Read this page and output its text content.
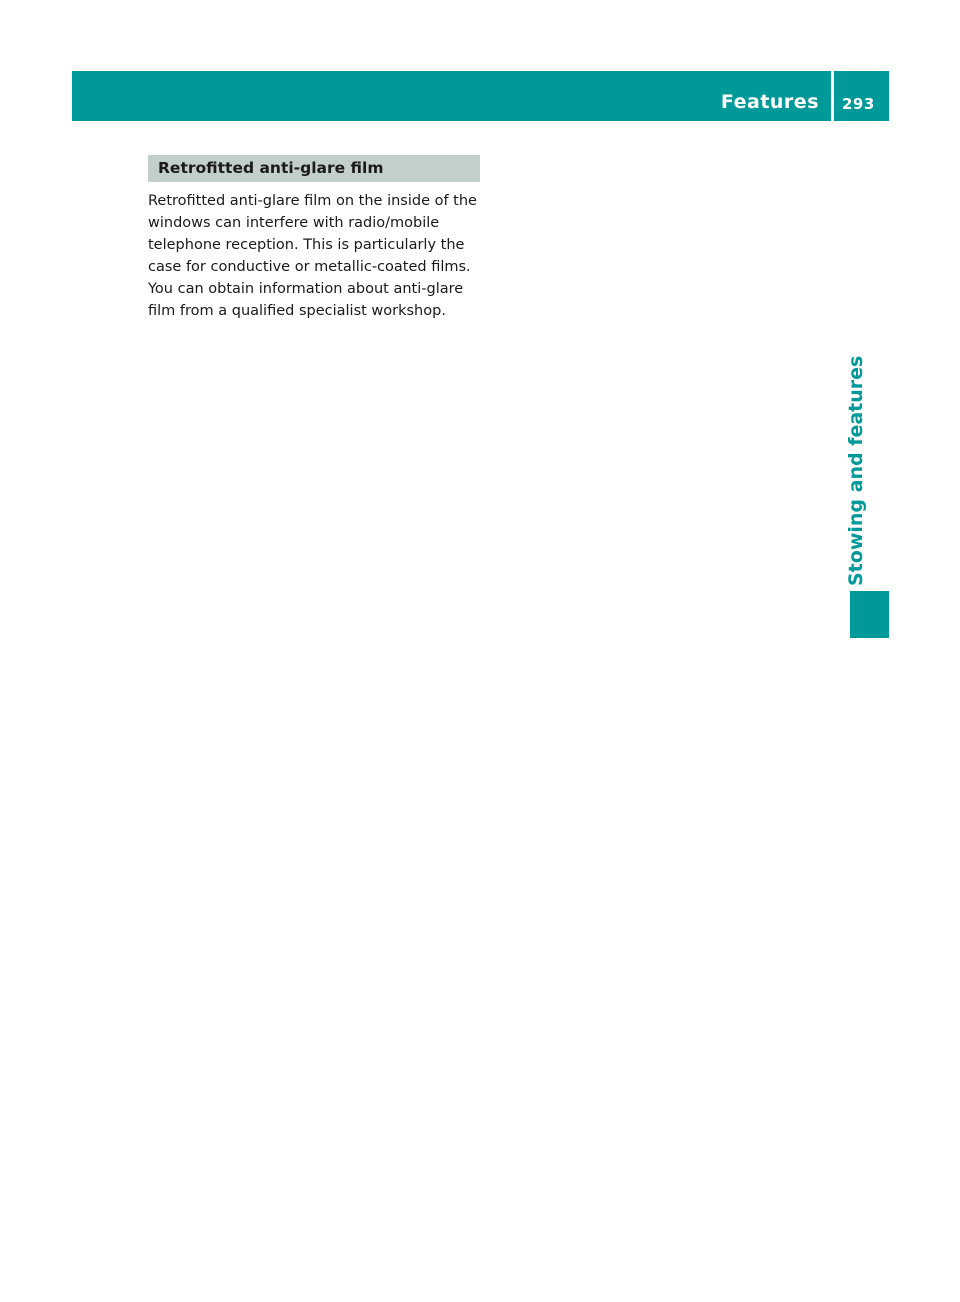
Features 293
Stowing and features
Retrofitted anti-glare film
Retrofitted anti-glare film on the inside of the
windows can interfere with radio/mobile
telephone reception. This is particularly the
case for conductive or metallic-coated films.
You can obtain information about anti-glare
film from a qualified specialist workshop.
